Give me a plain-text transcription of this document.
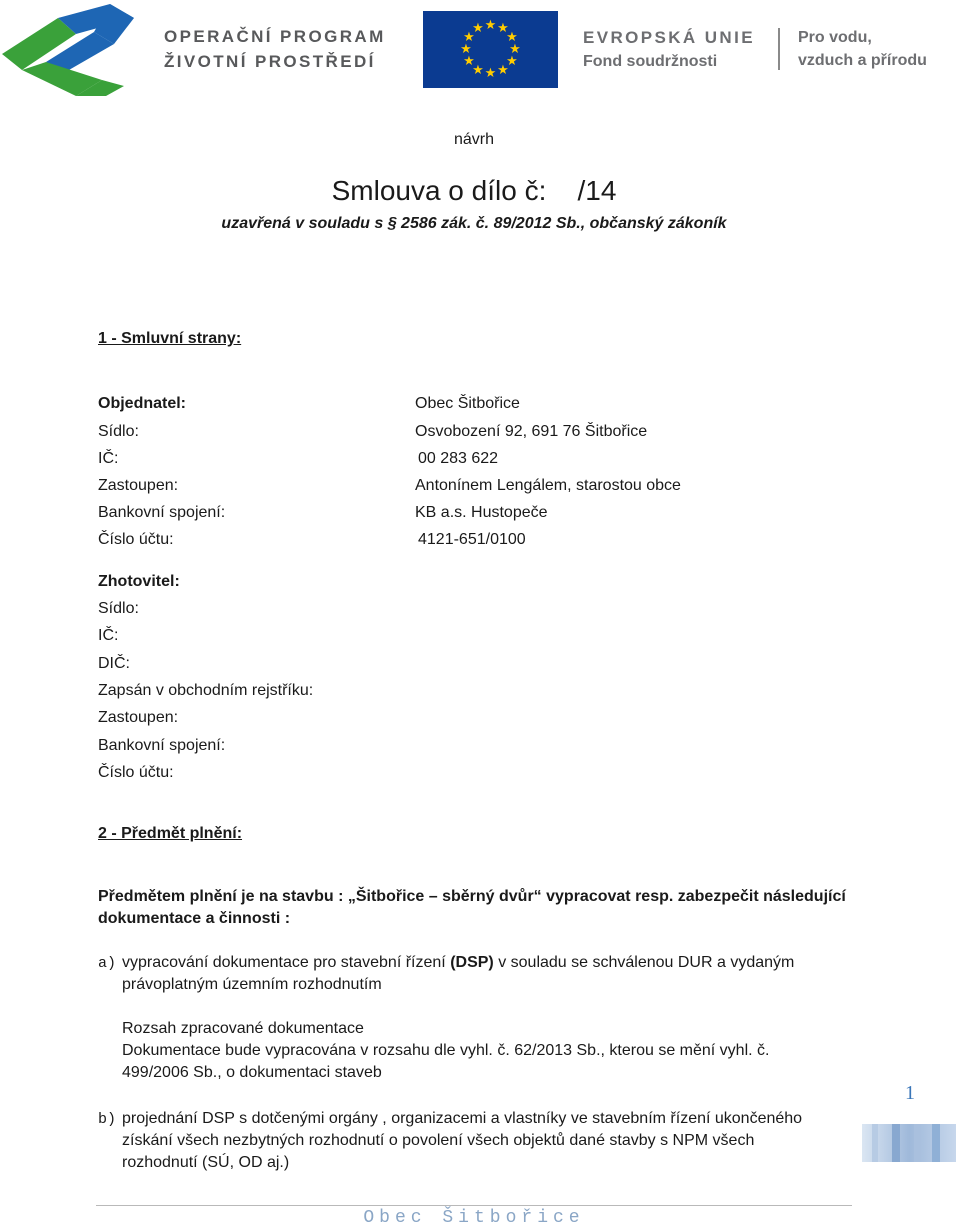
OPERAČNÍ PROGRAM
ŽIVOTNÍ PROSTŘEDÍ
★ ★
★
★
★
★
★
★
★
★
★
★	EVROPSKÁ UNIE
Fond soudržnosti
Pro vodu,
vzduch a přírodu
návrh
Smlouva o dílo č:    /14
uzavřená v souladu s § 2586 zák. č. 89/2012 Sb., občanský zákoník
1 - Smluvní strany:
Objednatel:	Obec Šitbořice
Sídlo:	Osvobození 92, 691 76 Šitbořice
IČ:	00 283 622
Zastoupen:	Antonínem Lengálem, starostou obce
Bankovní spojení:	KB a.s. Hustopeče
Číslo účtu:	4121-651/0100
Zhotovitel:
Sídlo:
IČ:
DIČ:
Zapsán v obchodním rejstříku:
Zastoupen:
Bankovní spojení:
Číslo účtu:
2 - Předmět plnění:
Předmětem plnění je na stavbu : „Šitbořice – sběrný dvůr“ vypracovat resp. zabezpečit následující
dokumentace a činnosti :
a) vypracování dokumentace pro stavební řízení (DSP) v souladu se schválenou DUR a vydaným
právoplatným územním rozhodnutím
Rozsah zpracované dokumentace
Dokumentace bude vypracována v rozsahu dle vyhl. č. 62/2013 Sb., kterou se mění vyhl. č.
499/2006 Sb., o dokumentaci staveb
b) projednání DSP s dotčenými orgány , organizacemi a vlastníky ve stavebním řízení ukončeného
získání všech nezbytných rozhodnutí o povolení všech objektů dané stavby s NPM všech
rozhodnutí (SÚ, OD aj.)
1
Obec Šitbořice
